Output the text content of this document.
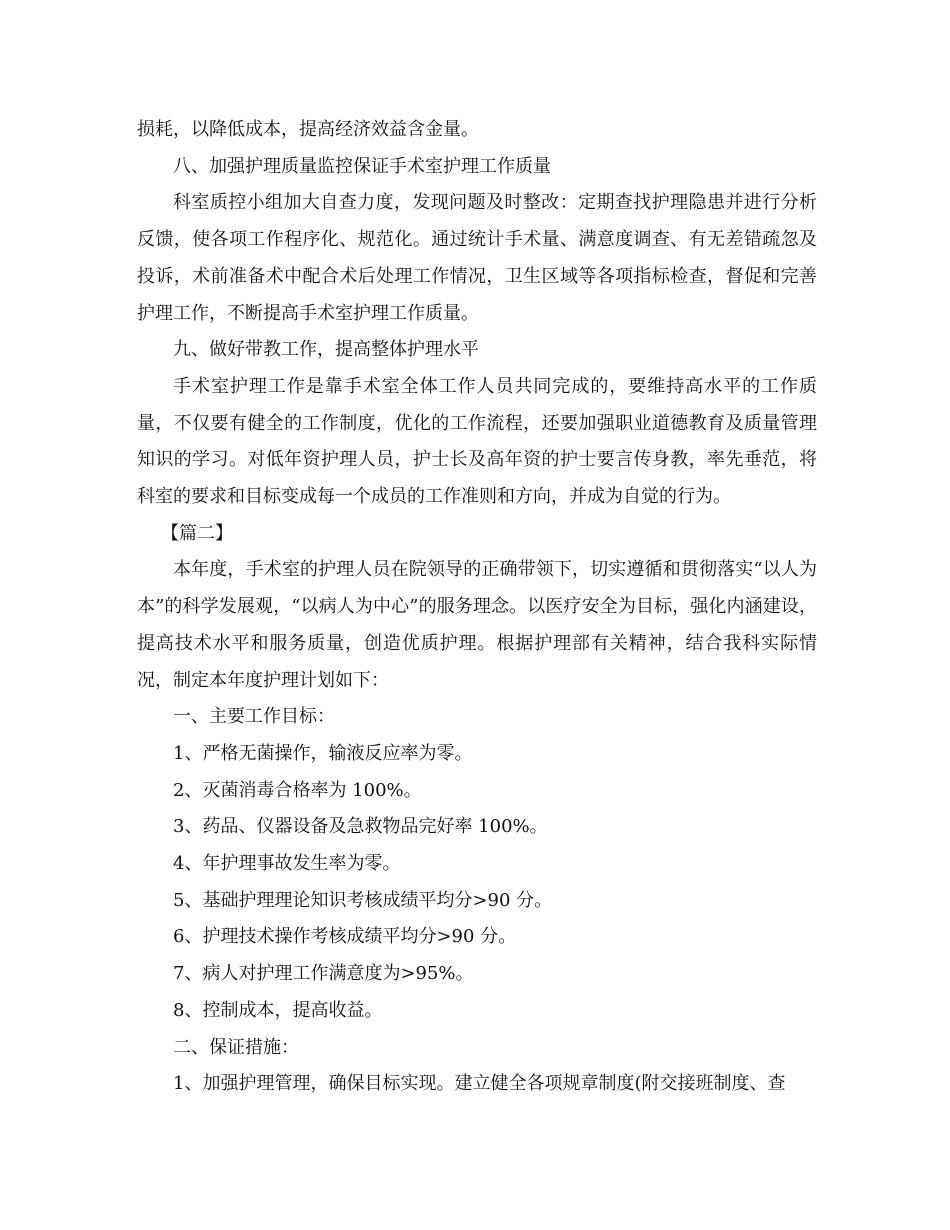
损耗，以降低成本，提高经济效益含金量。

八、加强护理质量监控保证手术室护理工作质量

科室质控小组加大自查力度，发现问题及时整改：定期查找护理隐患并进行分析反馈，使各项工作程序化、规范化。通过统计手术量、满意度调查、有无差错疏忽及投诉，术前准备术中配合术后处理工作情况，卫生区域等各项指标检查，督促和完善护理工作，不断提高手术室护理工作质量。

九、做好带教工作，提高整体护理水平

手术室护理工作是靠手术室全体工作人员共同完成的，要维持高水平的工作质量，不仅要有健全的工作制度，优化的工作流程，还要加强职业道德教育及质量管理知识的学习。对低年资护理人员，护士长及高年资的护士要言传身教，率先垂范，将科室的要求和目标变成每一个成员的工作准则和方向，并成为自觉的行为。

【篇二】

本年度，手术室的护理人员在院领导的正确带领下，切实遵循和贯彻落实“以人为本”的科学发展观，“以病人为中心”的服务理念。以医疗安全为目标，强化内涵建设，提高技术水平和服务质量，创造优质护理。根据护理部有关精神，结合我科实际情况，制定本年度护理计划如下：

一、主要工作目标：

1、严格无菌操作，输液反应率为零。

2、灭菌消毒合格率为 100%。

3、药品、仪器设备及急救物品完好率 100%。

4、年护理事故发生率为零。

5、基础护理理论知识考核成绩平均分>90 分。

6、护理技术操作考核成绩平均分>90 分。

7、病人对护理工作满意度为>95%。

8、控制成本，提高收益。

二、保证措施：

1、加强护理管理，确保目标实现。建立健全各项规章制度(附交接班制度、查
